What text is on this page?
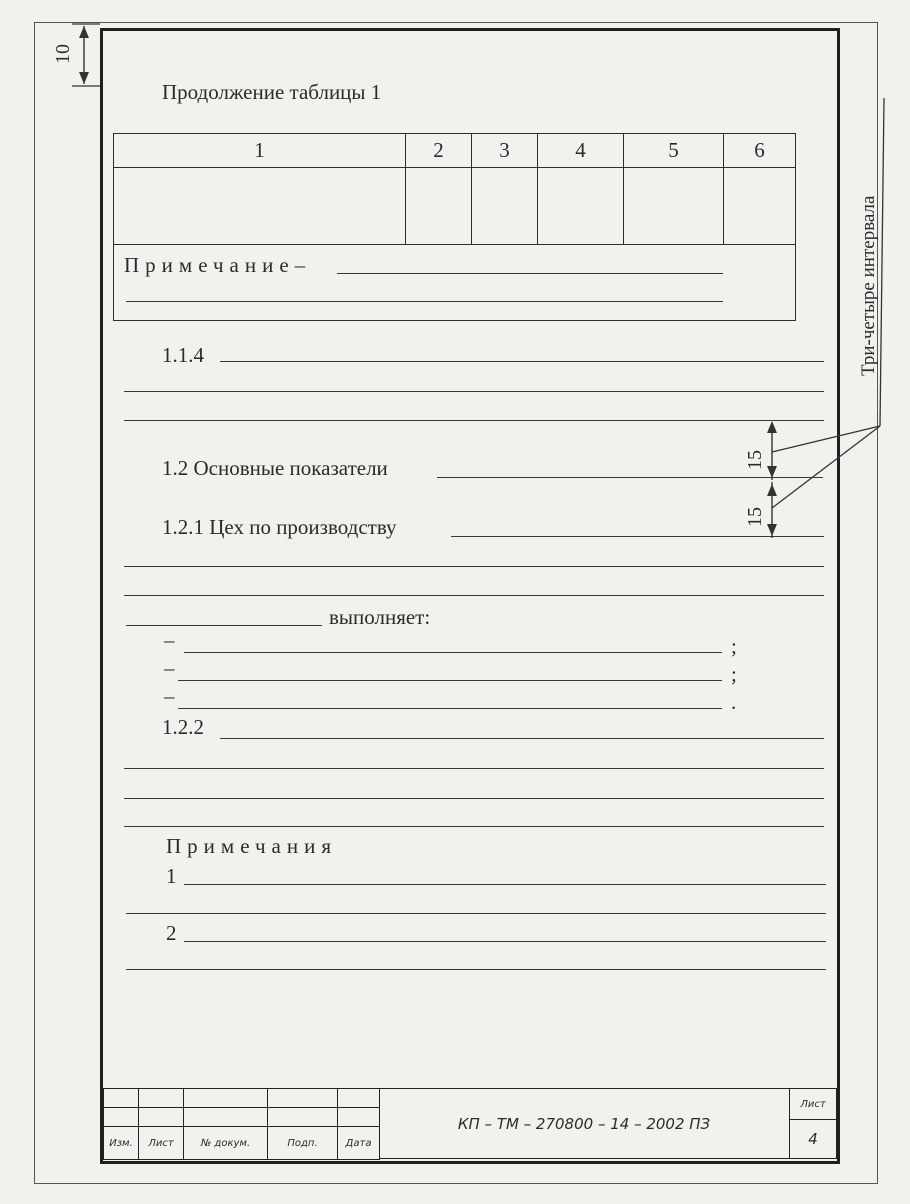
10
Продолжение таблицы 1
1	2	3	4	5	6

Примечание–					
1.1.4
1.2 Основные показатели
1.2.1 Цех по производству
выполняет:
–	;
–	;
–	.
1.2.2
Примечания
1
2
15
15
Три-четыре интервала

Изм.	Лист	№ докум.	Подп.	Дата
КП – ТМ – 270800 – 14 – 2002 ПЗ
Лист
4
